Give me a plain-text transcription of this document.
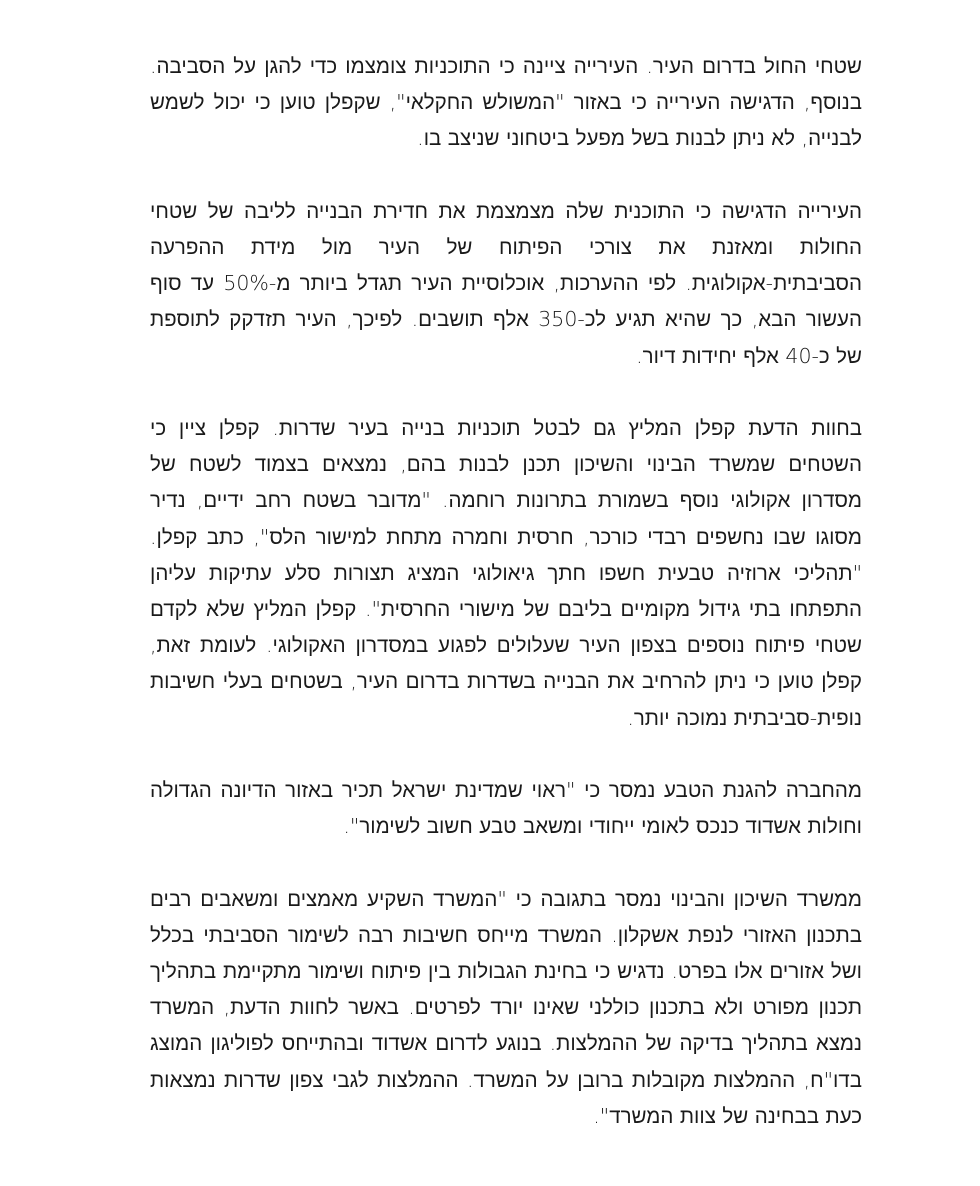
שטחי החול בדרום העיר. העירייה ציינה כי התוכניות צומצמו כדי להגן על הסביבה. בנוסף, הדגישה העירייה כי באזור "המשולש החקלאי", שקפלן טוען כי יכול לשמש לבנייה, לא ניתן לבנות בשל מפעל ביטחוני שניצב בו.

העירייה הדגישה כי התוכנית שלה מצמצמת את חדירת הבנייה לליבה של שטחי החולות ומאזנת את צורכי הפיתוח של העיר מול מידת ההפרעה הסביבתית-אקולוגית. לפי ההערכות, אוכלוסיית העיר תגדל ביותר מ-50% עד סוף העשור הבא, כך שהיא תגיע לכ-350 אלף תושבים. לפיכך, העיר תזדקק לתוספת של כ-40 אלף יחידות דיור.

בחוות הדעת קפלן המליץ גם לבטל תוכניות בנייה בעיר שדרות. קפלן ציין כי השטחים שמשרד הבינוי והשיכון תכנן לבנות בהם, נמצאים בצמוד לשטח של מסדרון אקולוגי נוסף בשמורת בתרונות רוחמה. "מדובר בשטח רחב ידיים, נדיר מסוגו שבו נחשפים רבדי כורכר, חרסית וחמרה מתחת למישור הלס", כתב קפלן. "תהליכי ארוזיה טבעית חשפו חתך גיאולוגי המציג תצורות סלע עתיקות עליהן התפתחו בתי גידול מקומיים בליבם של מישורי החרסית". קפלן המליץ שלא לקדם שטחי פיתוח נוספים בצפון העיר שעלולים לפגוע במסדרון האקולוגי. לעומת זאת, קפלן טוען כי ניתן להרחיב את הבנייה בשדרות בדרום העיר, בשטחים בעלי חשיבות נופית-סביבתית נמוכה יותר.

מהחברה להגנת הטבע נמסר כי "ראוי שמדינת ישראל תכיר באזור הדיונה הגדולה וחולות אשדוד כנכס לאומי ייחודי ומשאב טבע חשוב לשימור".

ממשרד השיכון והבינוי נמסר בתגובה כי "המשרד השקיע מאמצים ומשאבים רבים בתכנון האזורי לנפת אשקלון. המשרד מייחס חשיבות רבה לשימור הסביבתי בכלל ושל אזורים אלו בפרט. נדגיש כי בחינת הגבולות בין פיתוח ושימור מתקיימת בתהליך תכנון מפורט ולא בתכנון כוללני שאינו יורד לפרטים. באשר לחוות הדעת, המשרד נמצא בתהליך בדיקה של ההמלצות. בנוגע לדרום אשדוד ובהתייחס לפוליגון המוצג בדו"ח, ההמלצות מקובלות ברובן על המשרד. ההמלצות לגבי צפון שדרות נמצאות כעת בבחינה של צוות המשרד".
